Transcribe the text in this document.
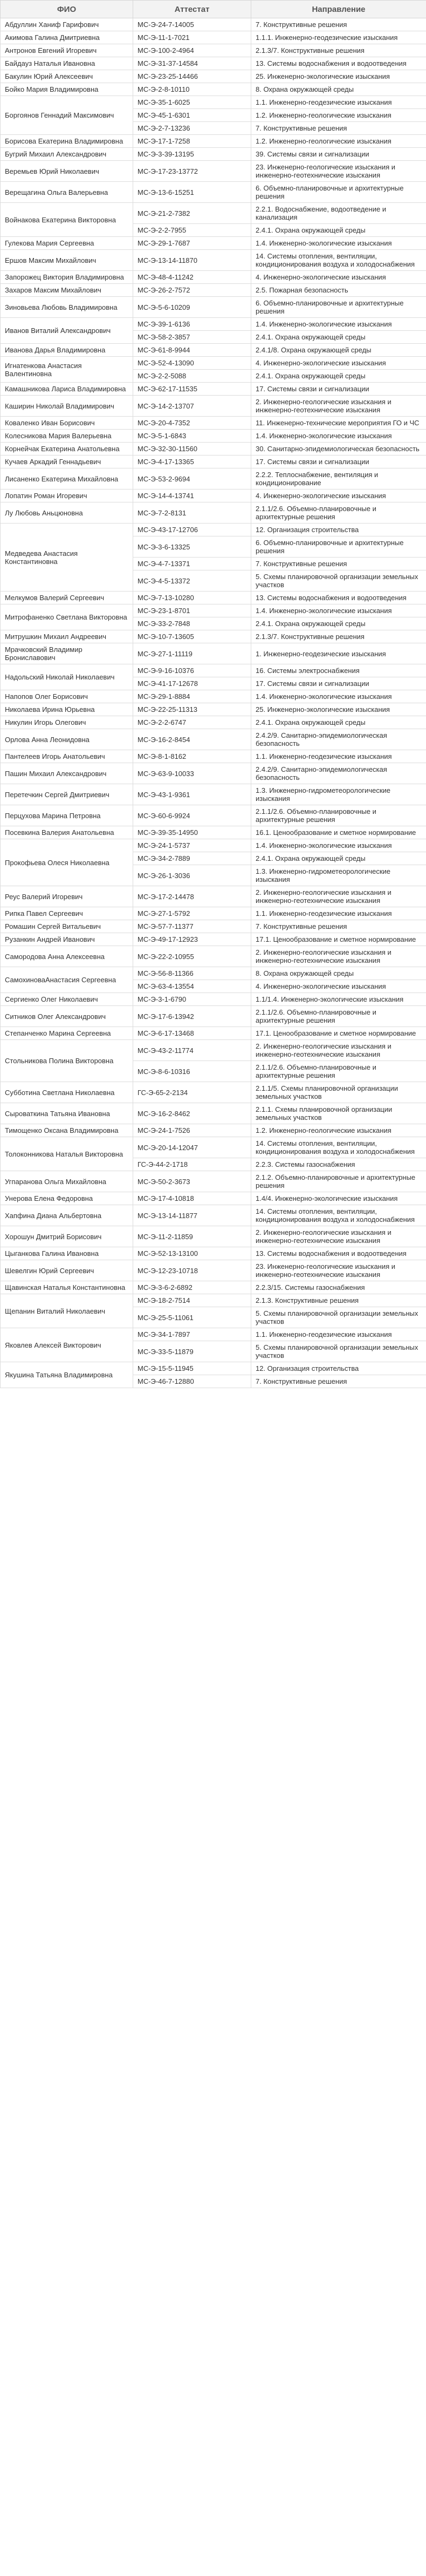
ФИО	Аттестат	Направление
Абдуллин Ханиф Гарифович	МС-Э-24-7-14005	7. Конструктивные решения
Акимова Галина Дмитриевна	МС-Э-11-1-7021	1.1.1. Инженерно-геодезические изыскания
Антронов Евгений Игоревич	МС-Э-100-2-4964	2.1.3/7. Конструктивные решения
Байдауз Наталья Ивановна	МС-Э-31-37-14584	13. Системы водоснабжения и водоотведения
Бакулин Юрий Алексеевич	МС-Э-23-25-14466	25. Инженерно-экологические изыскания
Бойко Мария Владимировна	МС-Э-2-8-10110	8. Охрана окружающей среды
Боргоянов Геннадий Максимович	МС-Э-35-1-6025	1.1. Инженерно-геодезические изыскания
	МС-Э-45-1-6301	1.2. Инженерно-геологические изыскания
	МС-Э-2-7-13236	7. Конструктивные решения
Борисова Екатерина Владимировна	МС-Э-17-1-7258	1.2. Инженерно-геологические изыскания
Бугрий Михаил Александрович	МС-Э-3-39-13195	39. Системы связи и сигнализации
Веремьев Юрий Николаевич	МС-Э-17-23-13772	23. Инженерно-геологические изыскания и инженерно-геотехнические изыскания
Верещагина Ольга Валерьевна	МС-Э-13-6-15251	6. Объемно-планировочные и архитектурные решения
Войнакова Екатерина Викторовна	МС-Э-21-2-7382	2.2.1. Водоснабжение, водоотведение и канализация
	МС-Э-2-2-7955	2.4.1. Охрана окружающей среды
Гулекова Мария Сергеевна	МС-Э-29-1-7687	1.4. Инженерно-экологические изыскания
Ершов Максим Михайлович	МС-Э-13-14-11870	14. Системы отопления, вентиляции, кондиционирования воздуха и холодоснабжения
Запорожец Виктория Владимировна	МС-Э-48-4-11242	4. Инженерно-экологические изыскания
Захаров Максим Михайлович	МС-Э-26-2-7572	2.5. Пожарная безопасность
Зиновьева Любовь Владимировна	МС-Э-5-6-10209	6. Объемно-планировочные и архитектурные решения
Иванов Виталий Александрович	МС-Э-39-1-6136	1.4. Инженерно-экологические изыскания
	МС-Э-58-2-3857	2.4.1. Охрана окружающей среды
Иванова Дарья Владимировна	МС-Э-61-8-9944	2.4.1/8. Охрана окружающей среды
Игнатенкова Анастасия Валентиновна	МС-Э-52-4-13090	4. Инженерно-экологические изыскания
	МС-Э-2-2-5088	2.4.1. Охрана окружающей среды
Камашникова Лариса Владимировна	МС-Э-62-17-11535	17. Системы связи и сигнализации
Каширин Николай Владимирович	МС-Э-14-2-13707	2. Инженерно-геологические изыскания и инженерно-геотехнические изыскания
Коваленко Иван Борисович	МС-Э-20-4-7352	11. Инженерно-технические мероприятия ГО и ЧС
Колесникова Мария Валерьевна	МС-Э-5-1-6843	1.4. Инженерно-экологические изыскания
Корнейчак Екатерина Анатольевна	МС-Э-32-30-11560	30. Санитарно-эпидемиологическая безопасность
Кучаев Аркадий Геннадьевич	МС-Э-4-17-13365	17. Системы связи и сигнализации
Лисаненко Екатерина Михайловна	МС-Э-53-2-9694	2.2.2. Теплоснабжение, вентиляция и кондиционирование
Лопатин Роман Игоревич	МС-Э-14-4-13741	4. Инженерно-экологические изыскания
Лу Любовь Аньцюновна	МС-Э-7-2-8131	2.1.1/2.6. Объемно-планировочные и архитектурные решения
Медведева Анастасия Константиновна	МС-Э-43-17-12706	12. Организация строительства
	МС-Э-3-6-13325	6. Объемно-планировочные и архитектурные решения
	МС-Э-4-7-13371	7. Конструктивные решения
	МС-Э-4-5-13372	5. Схемы планировочной организации земельных участков
Мелкумов Валерий Сергеевич	МС-Э-7-13-10280	13. Системы водоснабжения и водоотведения
Митрофаненко Светлана Викторовна	МС-Э-23-1-8701	1.4. Инженерно-экологические изыскания
	МС-Э-33-2-7848	2.4.1. Охрана окружающей среды
Митрушкин Михаил Андреевич	МС-Э-10-7-13605	2.1.3/7. Конструктивные решения
Мрачковский Владимир Брониславович	МС-Э-27-1-11119	1. Инженерно-геодезические изыскания
Надольский Николай Николаевич	МС-Э-9-16-10376	16. Системы электроснабжения
	МС-Э-41-17-12678	17. Системы связи и сигнализации
Напопов Олег Борисович	МС-Э-29-1-8884	1.4. Инженерно-экологические изыскания
Николаева Ирина Юрьевна	МС-Э-22-25-11313	25. Инженерно-экологические изыскания
Никулин Игорь Олегович	МС-Э-2-2-6747	2.4.1. Охрана окружающей среды
Орлова Анна Леонидовна	МС-Э-16-2-8454	2.4.2/9. Санитарно-эпидемиологическая безопасность
Пантелеев Игорь Анатольевич	МС-Э-8-1-8162	1.1. Инженерно-геодезические изыскания
Пашин Михаил Александрович	МС-Э-63-9-10033	2.4.2/9. Санитарно-эпидемиологическая безопасность
Перетечкин Сергей Дмитриевич	МС-Э-43-1-9361	1.3. Инженерно-гидрометеорологические изыскания
Перцухова Марина Петровна	МС-Э-60-6-9924	2.1.1/2.6. Объемно-планировочные и архитектурные решения
Посевкина Валерия Анатольевна	МС-Э-39-35-14950	16.1. Ценообразование и сметное нормирование
Прокофьева Олеся Николаевна	МС-Э-24-1-5737	1.4. Инженерно-экологические изыскания
	МС-Э-34-2-7889	2.4.1. Охрана окружающей среды
	МС-Э-26-1-3036	1.3. Инженерно-гидрометеорологические изыскания
Реус Валерий Игоревич	МС-Э-17-2-14478	2. Инженерно-геологические изыскания и инженерно-геотехнические изыскания
Рипка Павел Сергеевич	МС-Э-27-1-5792	1.1. Инженерно-геодезические изыскания
Ромашин Сергей Витальевич	МС-Э-57-7-11377	7. Конструктивные решения
Рузанкин Андрей Иванович	МС-Э-49-17-12923	17.1. Ценообразование и сметное нормирование
Самородова Анна Алексеевна	МС-Э-22-2-10955	2. Инженерно-геологические изыскания и инженерно-геотехнические изыскания
СамохиноваАнастасия Сергеевна	МС-Э-56-8-11366	8. Охрана окружающей среды
	МС-Э-63-4-13554	4. Инженерно-экологические изыскания
Сергиенко Олег Николаевич	МС-Э-3-1-6790	1.1/1.4. Инженерно-экологические изыскания
Ситников Олег Александрович	МС-Э-17-6-13942	2.1.1/2.6. Объемно-планировочные и архитектурные решения
Степанченко Марина Сергеевна	МС-Э-6-17-13468	17.1. Ценообразование и сметное нормирование
Стольникова Полина Викторовна	МС-Э-43-2-11774	2. Инженерно-геологические изыскания и инженерно-геотехнические изыскания
	МС-Э-8-6-10316	2.1.1/2.6. Объемно-планировочные и архитектурные решения
Субботина Светлана Николаевна	ГС-Э-65-2-2134	2.1.1/5. Схемы планировочной организации земельных участков
Сыроваткина Татьяна Ивановна	МС-Э-16-2-8462	2.1.1. Схемы планировочной организации земельных участков
Тимощенко Оксана Владимировна	МС-Э-24-1-7526	1.2. Инженерно-геологические изыскания
Толоконникова Наталья Викторовна	МС-Э-20-14-12047	14. Системы отопления, вентиляции, кондиционирования воздуха и холодоснабжения
	ГС-Э-44-2-1718	2.2.3. Системы газоснабжения
Угпаранова Ольга Михайловна	МС-Э-50-2-3673	2.1.2. Объемно-планировочные и архитектурные решения
Унерова Елена Федоровна	МС-Э-17-4-10818	1.4/4. Инженерно-экологические изыскания
Хапфина Диана Альбертовна	МС-Э-13-14-11877	14. Системы отопления, вентиляции, кондиционирования воздуха и холодоснабжения
Хорошун Дмитрий Борисович	МС-Э-11-2-11859	2. Инженерно-геологические изыскания и инженерно-геотехнические изыскания
Цыганкова Галина Ивановна	МС-Э-52-13-13100	13. Системы водоснабжения и водоотведения
Шевелгин Юрий Сергеевич	МС-Э-12-23-10718	23. Инженерно-геологические изыскания и инженерно-геотехнические изыскания
Щавинская Наталья Константиновна	МС-Э-3-6-2-6892	2.2.3/15. Системы газоснабжения
Щепанин Виталий Николаевич	МС-Э-18-2-7514	2.1.3. Конструктивные решения
	МС-Э-25-5-11061	5. Схемы планировочной организации земельных участков
Яковлев Алексей Викторович	МС-Э-34-1-7897	1.1. Инженерно-геодезические изыскания
	МС-Э-33-5-11879	5. Схемы планировочной организации земельных участков
Якушина Татьяна Владимировна	МС-Э-15-5-11945	12. Организация строительства
	МС-Э-46-7-12880	7. Конструктивные решения
